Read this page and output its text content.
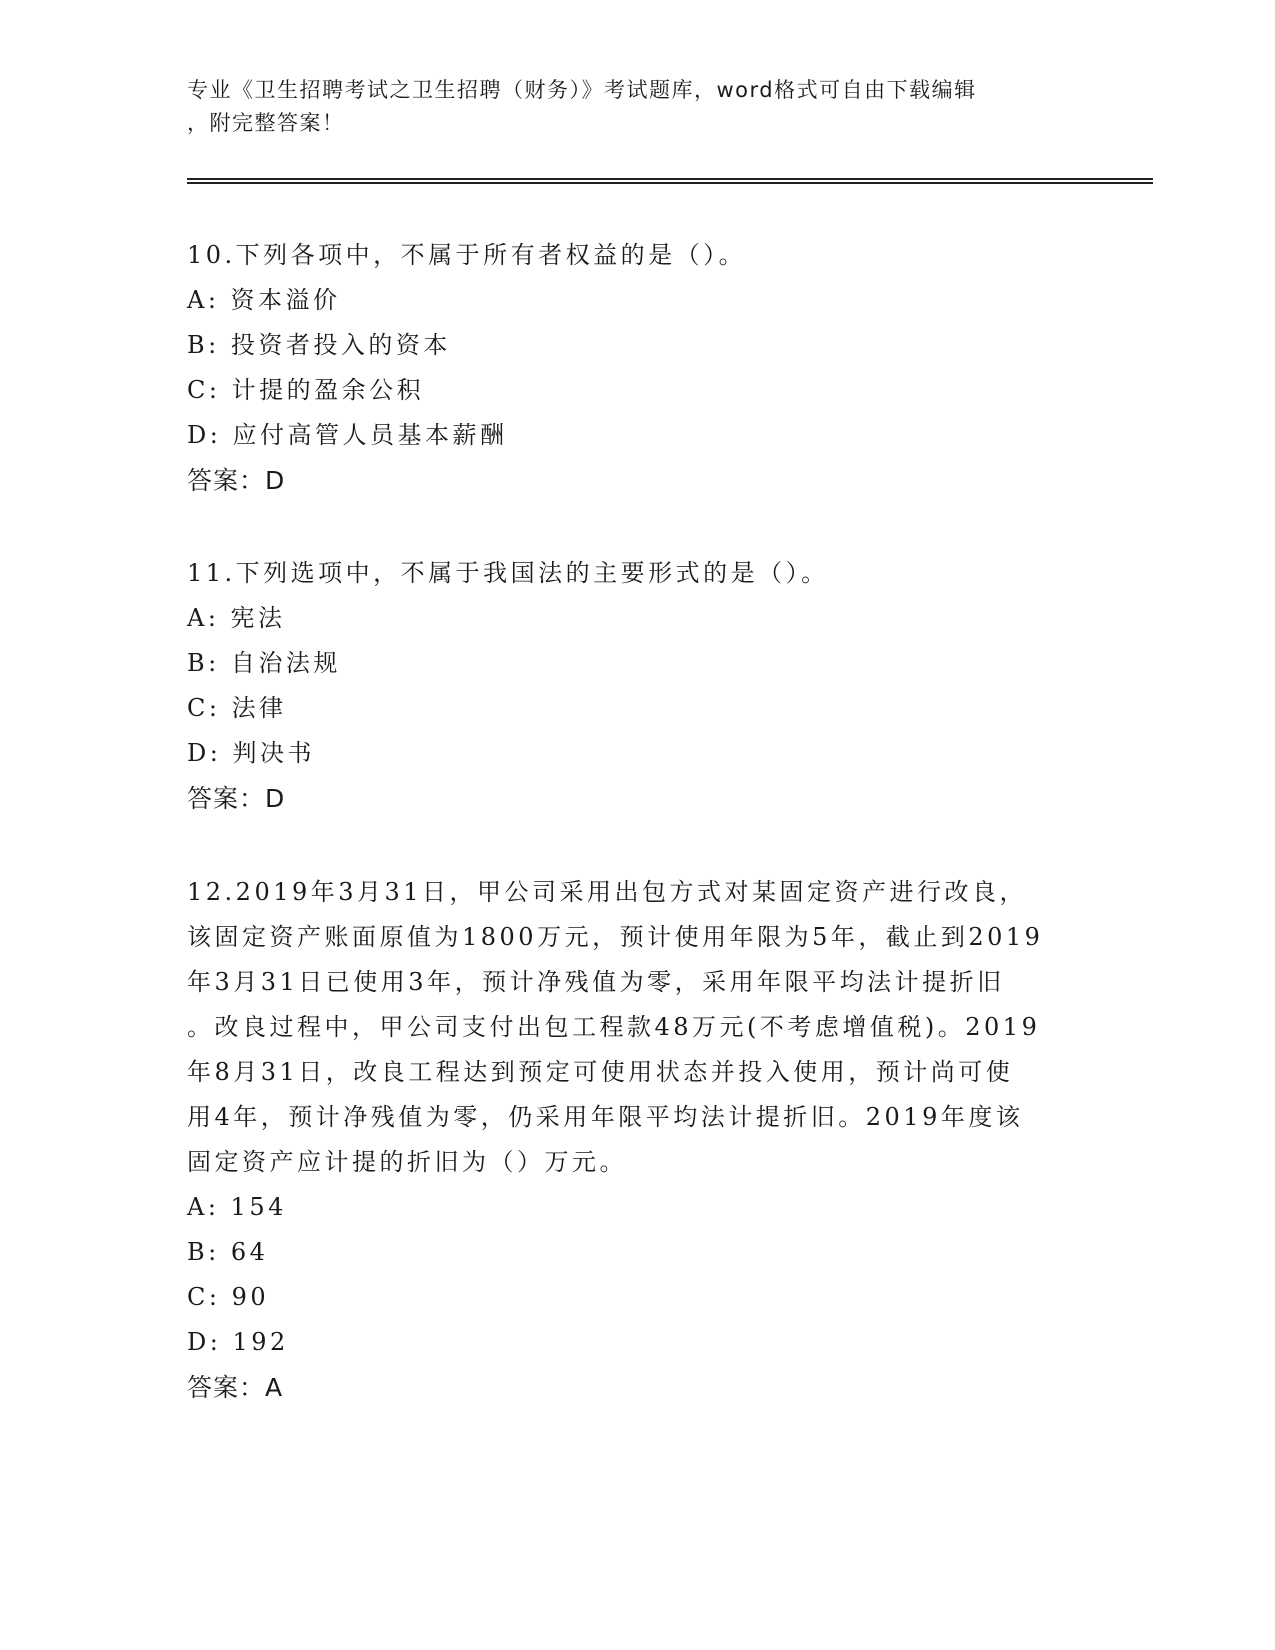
专业《卫生招聘考试之卫生招聘（财务）》考试题库，word格式可自由下载编辑
，附完整答案！
10.下列各项中，不属于所有者权益的是（）。
A: 资本溢价
B: 投资者投入的资本
C: 计提的盈余公积
D: 应付高管人员基本薪酬
答案：D
11.下列选项中，不属于我国法的主要形式的是（）。
A: 宪法
B: 自治法规
C: 法律
D: 判决书
答案：D
12.2019年3月31日，甲公司采用出包方式对某固定资产进行改良，
该固定资产账面原值为1800万元，预计使用年限为5年，截止到2019
年3月31日已使用3年，预计净残值为零，采用年限平均法计提折旧
。改良过程中，甲公司支付出包工程款48万元(不考虑增值税)。2019
年8月31日，改良工程达到预定可使用状态并投入使用，预计尚可使
用4年，预计净残值为零，仍采用年限平均法计提折旧。2019年度该
固定资产应计提的折旧为（）万元。
A: 154
B: 64
C: 90
D: 192
答案：A
